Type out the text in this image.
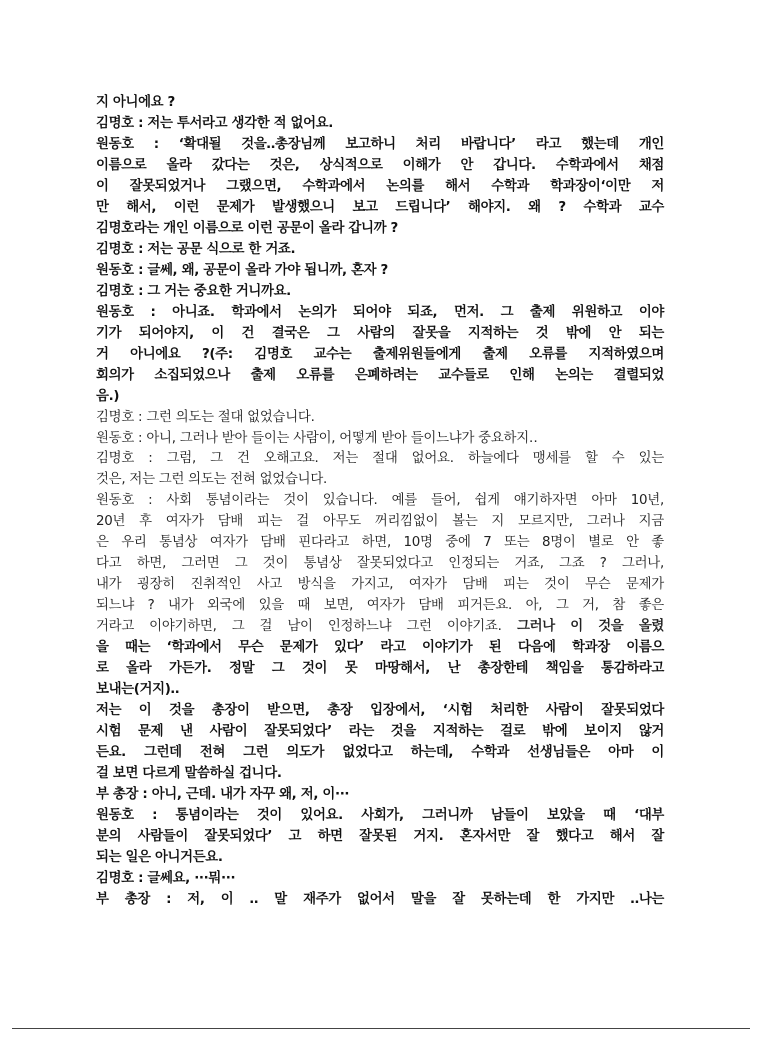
지 아니에요 ?
김명호 : 저는 투서라고 생각한 적 없어요.
원동호 : ‘확대될 것을‥총장님께 보고하니 처리 바랍니다’ 라고 했는데 개인
이름으로 올라 갔다는 것은, 상식적으로 이해가 안 갑니다. 수학과에서 채점
이 잘못되었거나 그랬으면, 수학과에서 논의를 해서 수학과 학과장이‘이만 저
만 해서, 이런 문제가 발생했으니 보고 드립니다’ 해야지. 왜 ? 수학과 교수
김명호라는 개인 이름으로 이런 공문이 올라 갑니까 ?
김명호 : 저는 공문 식으로 한 거죠.
원동호 : 글쎄, 왜, 공문이 올라 가야 됩니까, 혼자 ?
김명호 : 그 거는 중요한 거니까요.
원동호 : 아니죠. 학과에서 논의가 되어야 되죠, 먼저. 그 출제 위원하고 이야
기가 되어야지, 이 건 결국은 그 사람의 잘못을 지적하는 것 밖에 안 되는
거 아니에요 ?(주: 김명호 교수는 출제위원들에게 출제 오류를 지적하였으며
회의가 소집되었으나 출제 오류를 은폐하려는 교수들로 인해 논의는 결렬되었
음.)
김명호 : 그런 의도는 절대 없었습니다.
원동호 : 아니, 그러나 받아 들이는 사람이, 어떻게 받아 들이느냐가 중요하지‥
김명호 : 그럼, 그 건 오해고요. 저는 절대 없어요. 하늘에다 맹세를 할 수 있는
것은, 저는 그런 의도는 전혀 없었습니다.
원동호 : 사회 통념이라는 것이 있습니다. 예를 들어, 쉽게 얘기하자면 아마 10년,
20년 후 여자가 담배 피는 걸 아무도 꺼리낌없이 볼는 지 모르지만, 그러나 지금
은 우리 통념상 여자가 담배 핀다라고 하면, 10명 중에 7 또는 8명이 별로 안 좋
다고 하면, 그러면 그 것이 통념상 잘못되었다고 인정되는 거죠, 그죠 ? 그러나,
내가 굉장히 진취적인 사고 방식을 가지고, 여자가 담배 피는 것이 무슨 문제가
되느냐 ? 내가 외국에 있을 때 보면, 여자가 담배 피거든요. 아, 그 거, 참 좋은
거라고 이야기하면, 그 걸 남이 인정하느냐 그런 이야기죠. 그러나 이 것을 올렸
을 때는 ‘학과에서 무슨 문제가 있다’ 라고 이야기가 된 다음에 학과장 이름으
로 올라 가든가. 정말 그 것이 못 마땅해서, 난 총장한테 책임을 통감하라고
보내는(거지)‥
저는 이 것을 총장이 받으면, 총장 입장에서, ‘시험 처리한 사람이 잘못되었다
시험 문제 낸 사람이 잘못되었다’ 라는 것을 지적하는 걸로 밖에 보이지 않거
든요. 그런데 전혀 그런 의도가 없었다고 하는데, 수학과 선생님들은 아마 이
걸 보면 다르게 말씀하실 겁니다.
부 총장 : 아니, 근데. 내가 자꾸 왜, 저, 이···
원동호 : 통념이라는 것이 있어요. 사회가, 그러니까 남들이 보았을 때 ‘대부
분의 사람들이 잘못되었다’ 고 하면 잘못된 거지. 혼자서만 잘 했다고 해서 잘
되는 일은 아니거든요.
김명호 : 글쎄요, ···뭐···
부 총장 : 저, 이 ‥ 말 재주가 없어서 말을 잘 못하는데 한 가지만 ‥나는
